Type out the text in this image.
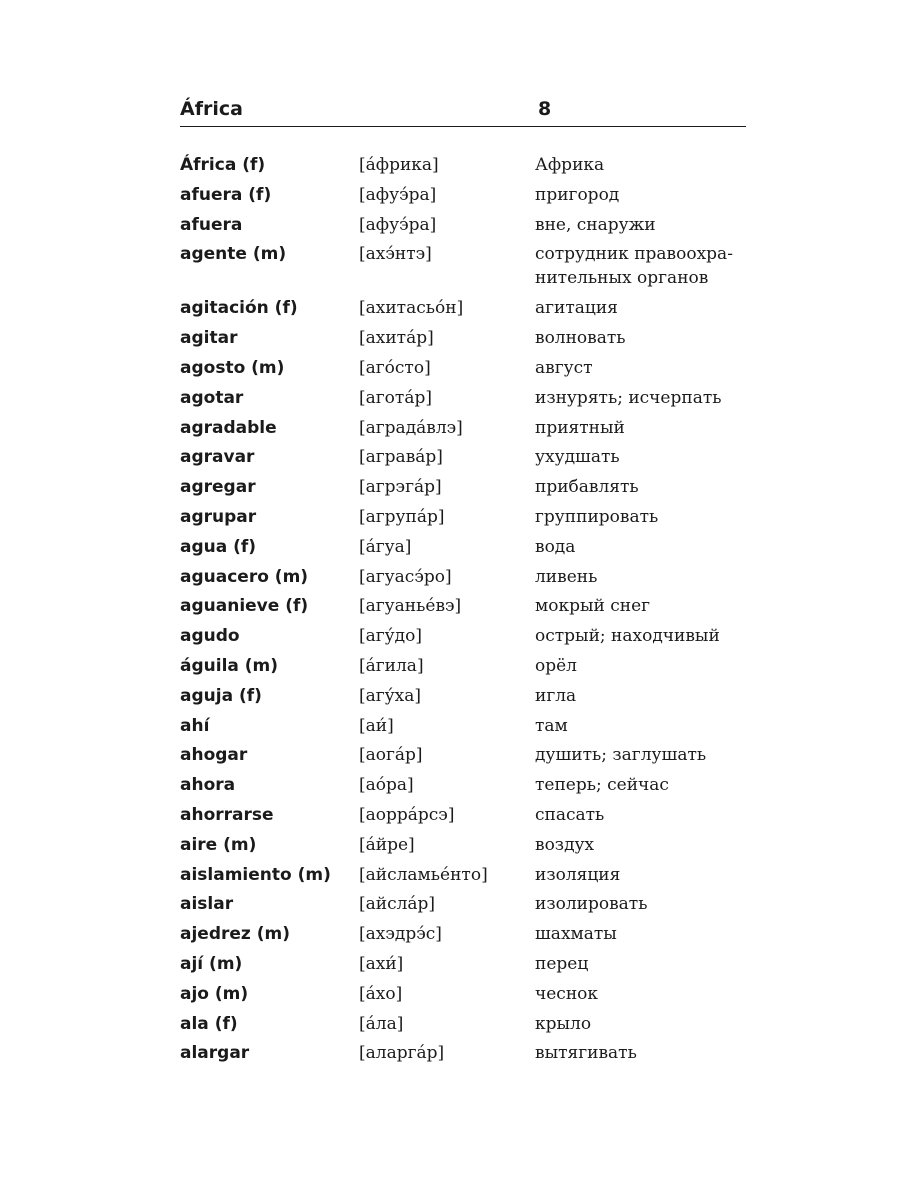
África	8
África (f)	[áфрика]	Африка
afuera (f)	[афуэ́ра]	пригород
afuera	[афуэ́ра]	вне, снаружи
agente (m)	[ахэ́нтэ]	сотрудник правоохра-
нительных органов
agitación (f)	[ахитасьóн]	агитация
agitar	[ахитáр]	волновать
agosto (m)	[агóсто]	август
agotar	[аготáр]	изнурять; исчерпать
agradable	[аградáвлэ]	приятный
agravar	[агравáр]	ухудшать
agregar	[агрэгáр]	прибавлять
agrupar	[агрупáр]	группировать
agua (f)	[áгуа]	вода
aguacero (m)	[агуасэ́ро]	ливень
aguanieve (f)	[агуаньéвэ]	мокрый снег
agudo	[агу́до]	острый; находчивый
águila (m)	[áгила]	орёл
aguja (f)	[агу́ха]	игла
ahí	[аи́]	там
ahogar	[аогáр]	душить; заглушать
ahora	[аóра]	теперь; сейчас
ahorrarse	[аоррáрсэ]	спасать
aire (m)	[áйре]	воздух
aislamiento (m) [айсламьéнто]	изоляция
aislar	[айслáр]	изолировать
ajedrez (m)	[ахэдрэ́с]	шахматы
ají (m)	[ахи́]	перец
ajo (m)	[áхо]	чеснок
ala (f)	[áла]	крыло
alargar	[аларгáр]	вытягивать
